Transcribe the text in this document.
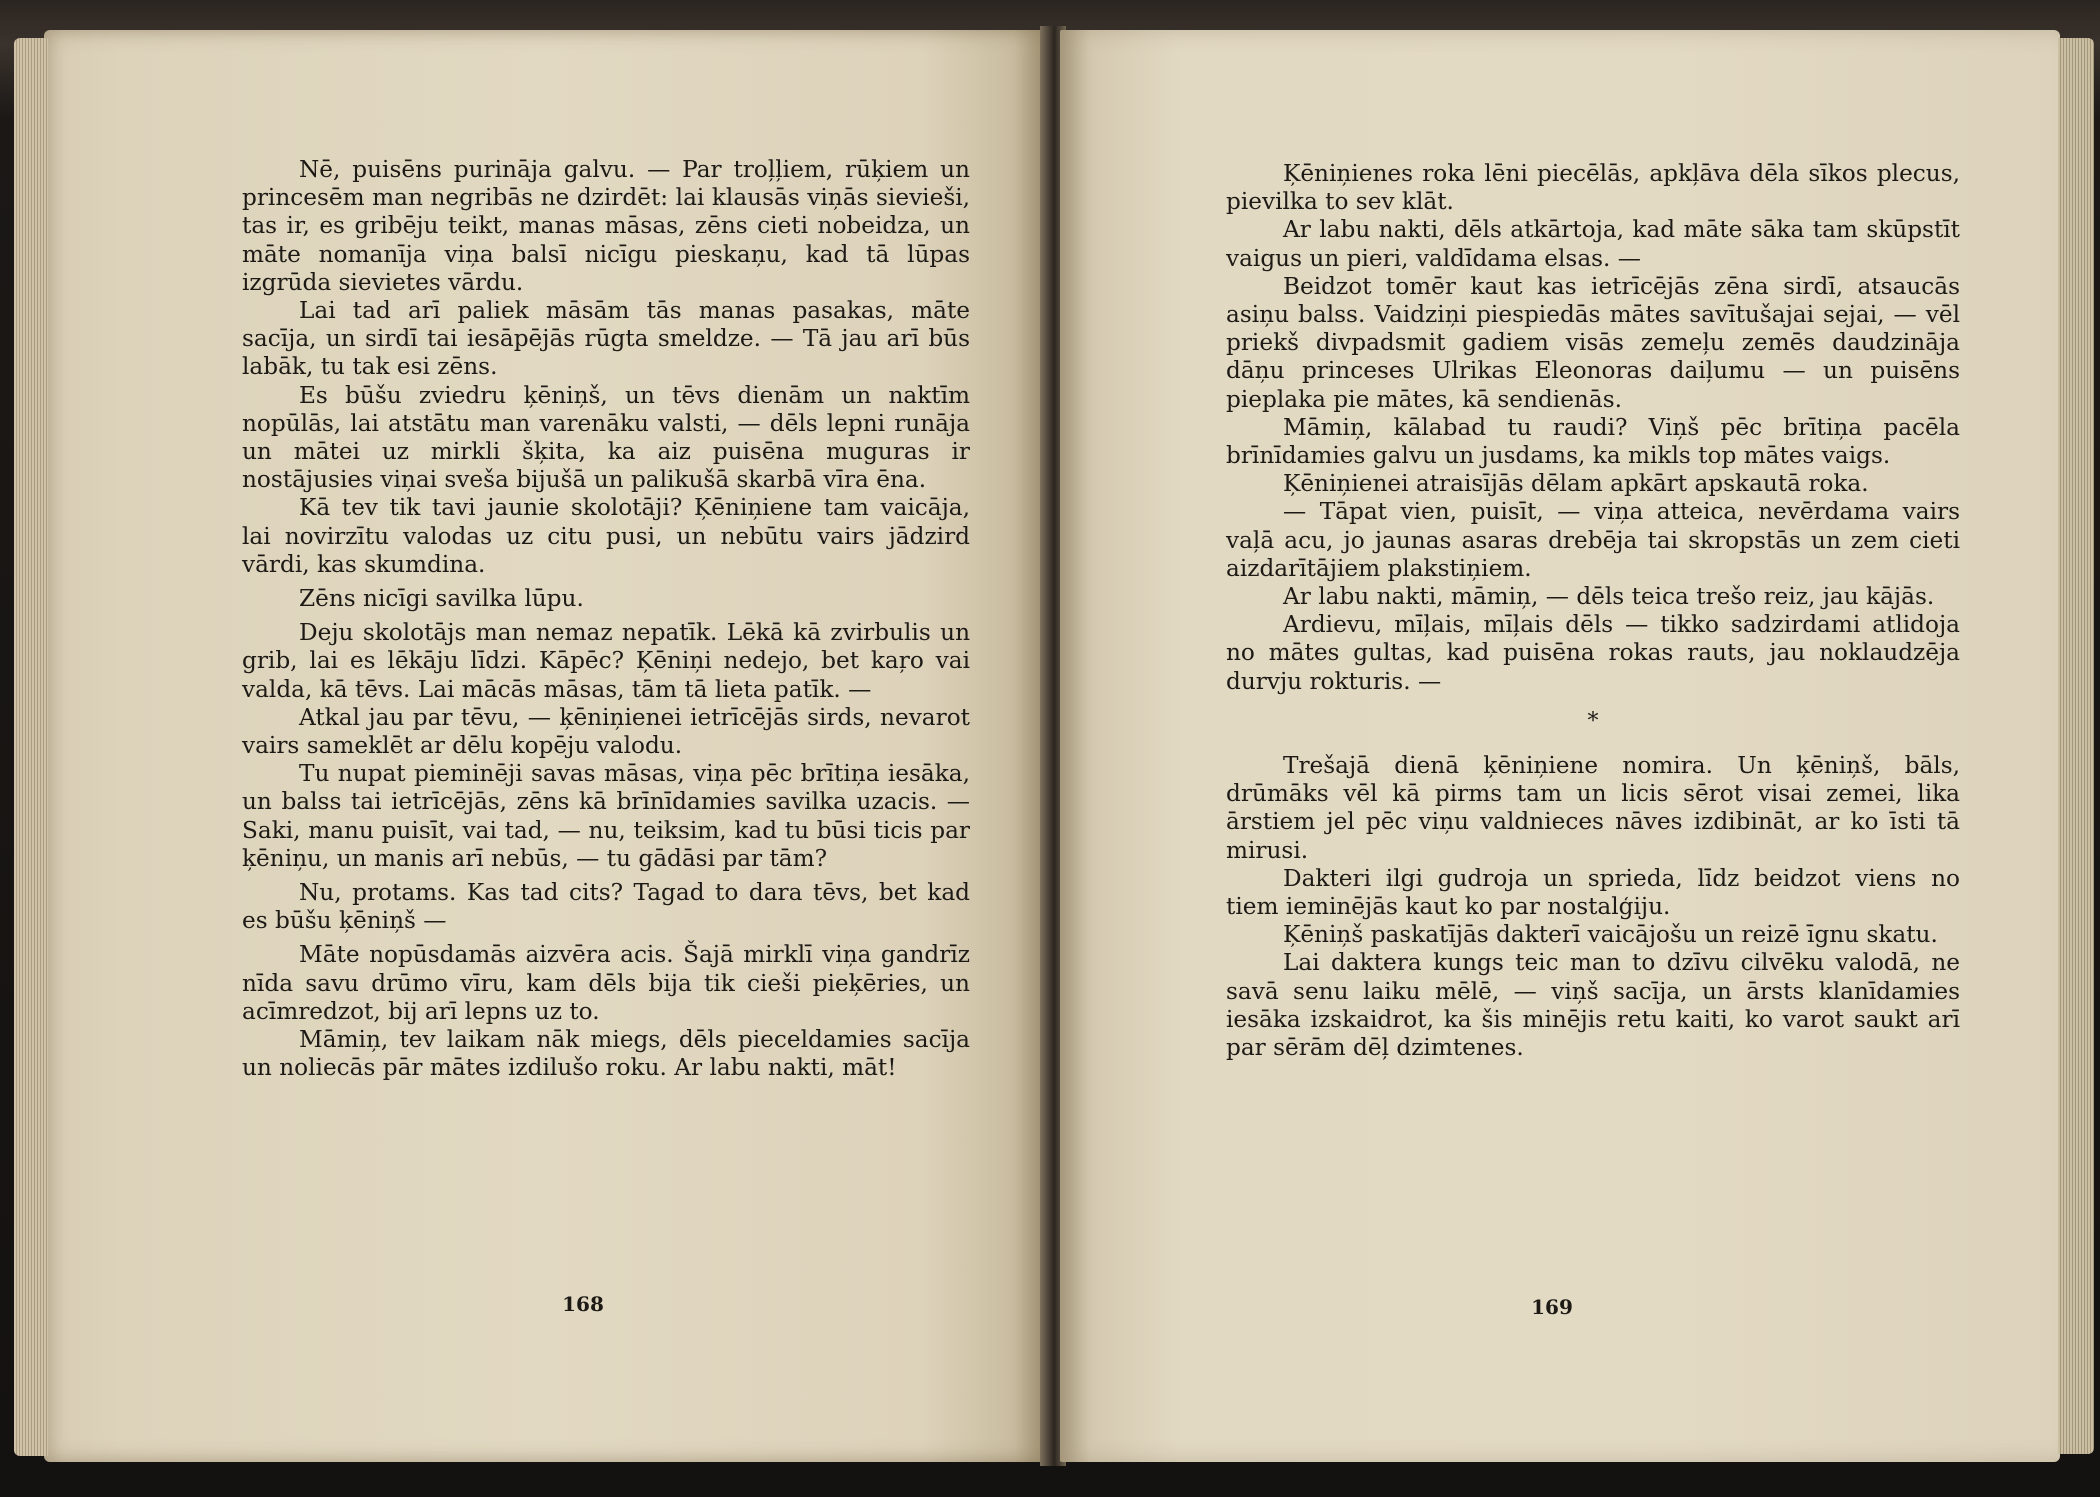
Nē, puisēns purināja galvu. — Par troļļiem, rūķiem un princesēm man negribās ne dzirdēt: lai klausās viņās sievieši, tas ir, es gribēju teikt, manas māsas, zēns cieti nobeidza, un māte nomanīja viņa balsī nicīgu pieskaņu, kad tā lūpas izgrūda sievietes vārdu.

Lai tad arī paliek māsām tās manas pasakas, māte sacīja, un sirdī tai iesāpējās rūgta smeldze. — Tā jau arī būs labāk, tu tak esi zēns.

Es būšu zviedru ķēniņš, un tēvs dienām un naktīm nopūlās, lai atstātu man varenāku valsti, — dēls lepni runāja un mātei uz mirkli šķita, ka aiz puisēna muguras ir nostājusies viņai sveša bijušā un palikušā skarbā vīra ēna.

Kā tev tik tavi jaunie skolotāji? Ķēniņiene tam vaicāja, lai novirzītu valodas uz citu pusi, un nebūtu vairs jādzird vārdi, kas skumdina.

Zēns nicīgi savilka lūpu.

Deju skolotājs man nemaz nepatīk. Lēkā kā zvirbulis un grib, lai es lēkāju līdzi. Kāpēc? Ķēniņi nedejo, bet kaŗo vai valda, kā tēvs. Lai mācās māsas, tām tā lieta patīk. —

Atkal jau par tēvu, — ķēniņienei ietrīcējās sirds, nevarot vairs sameklēt ar dēlu kopēju valodu.

Tu nupat pieminēji savas māsas, viņa pēc brītiņa iesāka, un balss tai ietrīcējās, zēns kā brīnīdamies savilka uzacis. — Saki, manu puisīt, vai tad, — nu, teiksim, kad tu būsi ticis par ķēniņu, un manis arī nebūs, — tu gādāsi par tām?

Nu, protams. Kas tad cits? Tagad to dara tēvs, bet kad es būšu ķēniņš —

Māte nopūsdamās aizvēra acis. Šajā mirklī viņa gandrīz nīda savu drūmo vīru, kam dēls bija tik cieši pieķēries, un acīmredzot, bij arī lepns uz to.

Māmiņ, tev laikam nāk miegs, dēls pieceldamies sacīja un noliecās pār mātes izdilušo roku. Ar labu nakti, māt!

168

Ķēniņienes roka lēni piecēlās, apkļāva dēla sīkos plecus, pievilka to sev klāt.

Ar labu nakti, dēls atkārtoja, kad māte sāka tam skūpstīt vaigus un pieri, valdīdama elsas. —

Beidzot tomēr kaut kas ietrīcējās zēna sirdī, atsaucās asiņu balss. Vaidziņi piespiedās mātes savītušajai sejai, — vēl priekš divpadsmit gadiem visās zemeļu zemēs daudzināja dāņu princeses Ulrikas Eleonoras daiļumu — un puisēns pieplaka pie mātes, kā sendienās.

Māmiņ, kālabad tu raudi? Viņš pēc brītiņa pacēla brīnīdamies galvu un jusdams, ka mikls top mātes vaigs.

Ķēniņienei atraisījās dēlam apkārt apskautā roka.

— Tāpat vien, puisīt, — viņa atteica, nevērdama vairs vaļā acu, jo jaunas asaras drebēja tai skropstās un zem cieti aizdarītājiem plakstiņiem.

Ar labu nakti, māmiņ, — dēls teica trešo reiz, jau kājās.

Ardievu, mīļais, mīļais dēls — tikko sadzirdami atlidoja no mātes gultas, kad puisēna rokas rauts, jau noklaudzēja durvju rokturis. —

*

Trešajā dienā ķēniņiene nomira. Un ķēniņš, bāls, drūmāks vēl kā pirms tam un licis sērot visai zemei, lika ārstiem jel pēc viņu valdnieces nāves izdibināt, ar ko īsti tā mirusi.

Dakteri ilgi gudroja un sprieda, līdz beidzot viens no tiem ieminējās kaut ko par nostalģiju.

Ķēniņš paskatījās dakterī vaicājošu un reizē īgnu skatu.

Lai daktera kungs teic man to dzīvu cilvēku valodā, ne savā senu laiku mēlē, — viņš sacīja, un ārsts klanīdamies iesāka izskaidrot, ka šis minējis retu kaiti, ko varot saukt arī par sērām dēļ dzimtenes.

169
